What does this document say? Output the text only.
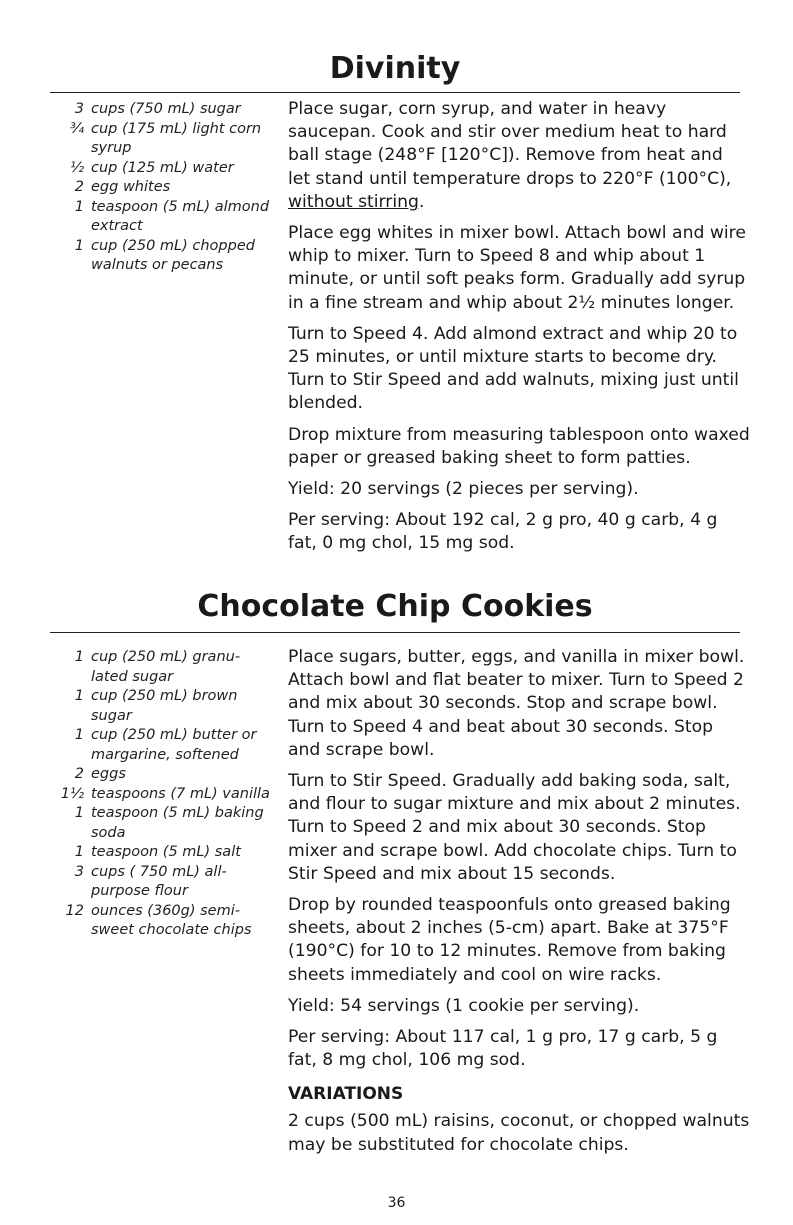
Divinity
3 cups (750 mL) sugar
¾ cup (175 mL) light corn syrup
½ cup (125 mL) water
2 egg whites
1 teaspoon (5 mL) almond extract
1 cup (250 mL) chopped walnuts or pecans

Place sugar, corn syrup, and water in heavy saucepan. Cook and stir over medium heat to hard ball stage (248°F [120°C]). Remove from heat and let stand until temperature drops to 220°F (100°C), without stirring.

Place egg whites in mixer bowl. Attach bowl and wire whip to mixer. Turn to Speed 8 and whip about 1 minute, or until soft peaks form. Gradually add syrup in a fine stream and whip about 2½ minutes longer.

Turn to Speed 4. Add almond extract and whip 20 to 25 minutes, or until mixture starts to become dry. Turn to Stir Speed and add walnuts, mixing just until blended.

Drop mixture from measuring tablespoon onto waxed paper or greased baking sheet to form patties.

Yield: 20 servings (2 pieces per serving).

Per serving: About 192 cal, 2 g pro, 40 g carb, 4 g fat, 0 mg chol, 15 mg sod.

Chocolate Chip Cookies
1 cup (250 mL) granu- lated sugar
1 cup (250 mL) brown sugar
1 cup (250 mL) butter or margarine, softened
2 eggs
1½ teaspoons (7 mL) vanilla
1 teaspoon (5 mL) baking soda
1 teaspoon (5 mL) salt
3 cups ( 750 mL) all-purpose flour
12 ounces (360g) semi-sweet chocolate chips

Place sugars, butter, eggs, and vanilla in mixer bowl. Attach bowl and flat beater to mixer. Turn to Speed 2 and mix about 30 seconds. Stop and scrape bowl. Turn to Speed 4 and beat about 30 seconds. Stop and scrape bowl.

Turn to Stir Speed. Gradually add baking soda, salt, and flour to sugar mixture and mix about 2 minutes. Turn to Speed 2 and mix about 30 seconds. Stop mixer and scrape bowl. Add chocolate chips. Turn to Stir Speed and mix about 15 seconds.

Drop by rounded teaspoonfuls onto greased baking sheets, about 2 inches (5-cm) apart. Bake at 375°F (190°C) for 10 to 12 minutes. Remove from baking sheets immediately and cool on wire racks.

Yield: 54 servings (1 cookie per serving).

Per serving: About 117 cal, 1 g pro, 17 g carb, 5 g fat, 8 mg chol, 106 mg sod.

VARIATIONS

2 cups (500 mL) raisins, coconut, or chopped walnuts may be substituted for chocolate chips.

36
